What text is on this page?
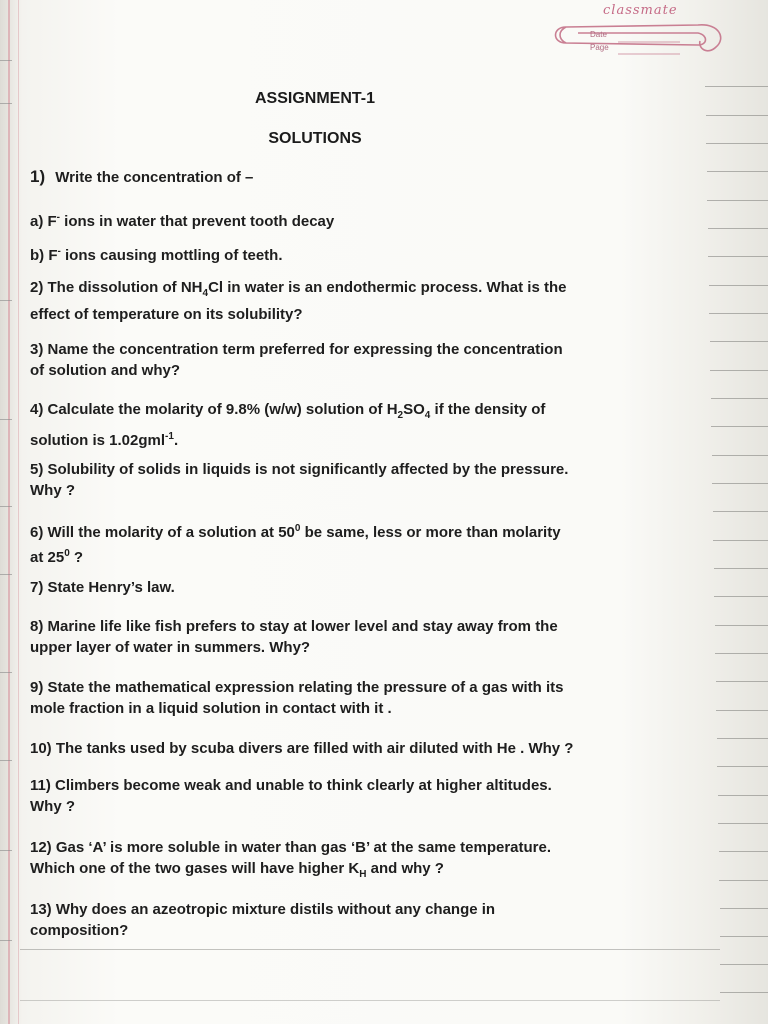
classmate
Date
Page
ASSIGNMENT-1
SOLUTIONS
1) Write the concentration of –
a) F- ions in water that prevent tooth decay
b) F- ions causing mottling of teeth.
2) The dissolution of $NH_4Cl$ in water is an endothermic process. What is the
effect of temperature on its solubility?
3) Name the concentration term preferred for expressing the concentration
of solution and why?
4) Calculate the molarity of 9.8% (w/w) solution of $H_2SO_4$ if the density of
solution is 1.02gml$^{-1}$.
5) Solubility of solids in liquids is not significantly affected by the pressure.
Why ?
6) Will the molarity of a solution at $50^0$ be same, less or more than molarity
at $25^0$ ?
7) State Henry’s law.
8) Marine life like fish prefers to stay at lower level and stay away from the
upper layer of water in summers. Why?
9) State the mathematical expression relating the pressure of a gas with its
mole fraction in a liquid solution in contact with it .
10) The tanks used by scuba divers are filled with air diluted with He . Why ?
11) Climbers become weak and unable to think clearly at higher altitudes.
Why ?
12) Gas ‘A’ is more soluble in water than gas ‘B’ at the same temperature.
Which one of the two gases will have higher $K_H$ and why ?
13) Why does an azeotropic mixture distils without any change in
composition?
